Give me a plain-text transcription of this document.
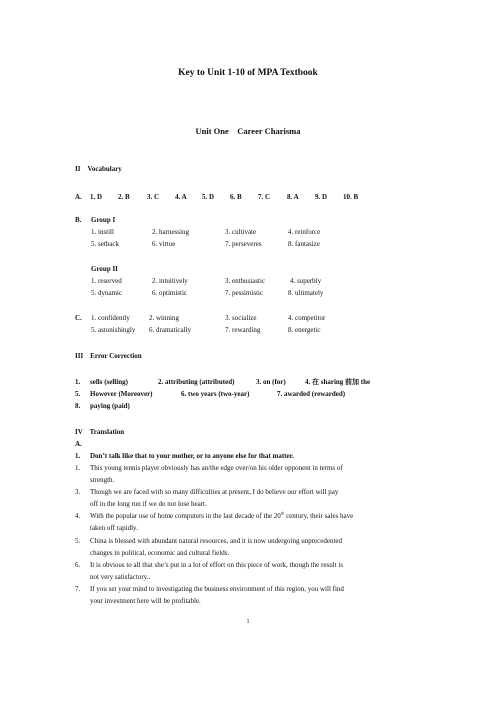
Key to Unit 1-10 of MPA Textbook
Unit One　Career Charisma
II　Vocabulary
A. 1. D 2. B 3. C 4. A 5. D 6. B 7. C 8. A 9. D 10. B
B. Group I
1. instill	2. harnessing	3. cultivate	4. reinforce
5. setback	6. virtue	7. perseveres	8. fantasize
Group II
1. reserved	2. intuitively	3. enthusiastic	4. superbly
5. dynamic	6. optimistic	7. pessimistic	8. ultimately
C. 1. confidently	2. winning	3. socialize	4. competitor
5. astonishingly 6. dramatically	7. rewarding	8. energetic
III　Error Correction
1. sells (selling)	2. attributing (attributed)	3. on (for)	4. 在 sharing 前加 the
5. However (Moreover)	6. two years (two-year)	7. awarded (rewarded)
8. paying (paid)
IV　Translation
A.
1. Don’t talk like that to your mother, or to anyone else for that matter.
1. This young tennis player obviously has an/the edge over/on his older opponent in terms of
strength.
3. Though we are faced with so many difficulties at present, I do believe our effort will pay
off in the long run if we do not lose heart.
4. With the popular use of home computers in the last decade of the 20th century, their sales have
taken off rapidly.
5. China is blessed with abundant natural resources, and it is now undergoing unprecedented
changes in political, economic and cultural fields.
6. It is obvious to all that she’s put in a lot of effort on this piece of work, though the result is
not very satisfactory..
7. If you set your mind to investigating the business environment of this region, you will find
your investment here will be profitable.
1
